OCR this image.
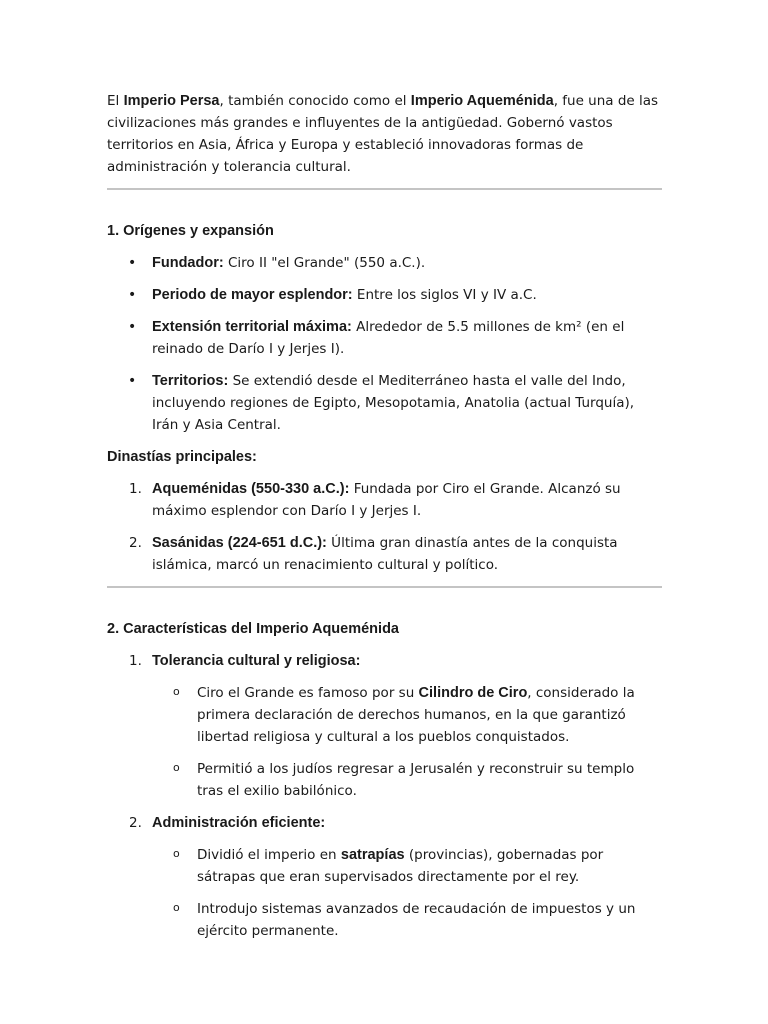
El Imperio Persa, también conocido como el Imperio Aqueménida, fue una de las civilizaciones más grandes e influyentes de la antigüedad. Gobernó vastos territorios en Asia, África y Europa y estableció innovadoras formas de administración y tolerancia cultural.

1. Orígenes y expansión
• Fundador: Ciro II "el Grande" (550 a.C.).
• Periodo de mayor esplendor: Entre los siglos VI y IV a.C.
• Extensión territorial máxima: Alrededor de 5.5 millones de km² (en el reinado de Darío I y Jerjes I).
• Territorios: Se extendió desde el Mediterráneo hasta el valle del Indo, incluyendo regiones de Egipto, Mesopotamia, Anatolia (actual Turquía), Irán y Asia Central.
Dinastías principales:
1. Aqueménidas (550-330 a.C.): Fundada por Ciro el Grande. Alcanzó su máximo esplendor con Darío I y Jerjes I.
2. Sasánidas (224-651 d.C.): Última gran dinastía antes de la conquista islámica, marcó un renacimiento cultural y político.
2. Características del Imperio Aqueménida
1. Tolerancia cultural y religiosa:
o Ciro el Grande es famoso por su Cilindro de Ciro, considerado la primera declaración de derechos humanos, en la que garantizó libertad religiosa y cultural a los pueblos conquistados.
o Permitió a los judíos regresar a Jerusalén y reconstruir su templo tras el exilio babilónico.
2. Administración eficiente:
o Dividió el imperio en satrapías (provincias), gobernadas por sátrapas que eran supervisados directamente por el rey.
o Introdujo sistemas avanzados de recaudación de impuestos y un ejército permanente.
